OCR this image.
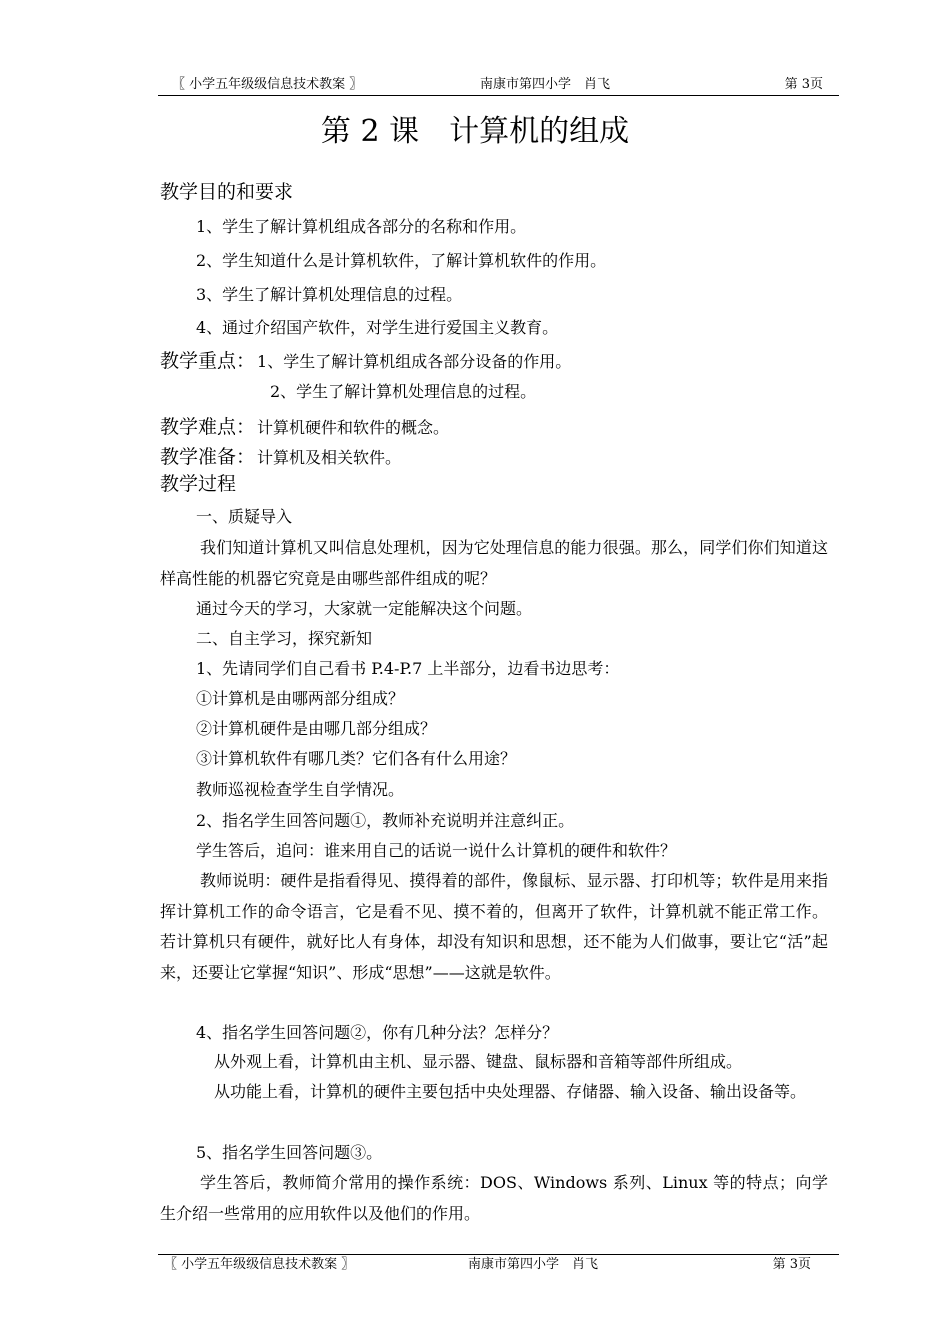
〖 小学五年级级信息技术教案 〗	南康市第四小学　肖飞	第 3页
第 2 课　计算机的组成
教学目的和要求
1、学生了解计算机组成各部分的名称和作用。
2、学生知道什么是计算机软件，了解计算机软件的作用。
3、学生了解计算机处理信息的过程。
4、通过介绍国产软件，对学生进行爱国主义教育。
教学重点： 1、学生了解计算机组成各部分设备的作用。
2、学生了解计算机处理信息的过程。
教学难点： 计算机硬件和软件的概念。
教学准备： 计算机及相关软件。
教学过程
一、质疑导入
我们知道计算机又叫信息处理机，因为它处理信息的能力很强。那么，同学们你们知道这样高性能的机器它究竟是由哪些部件组成的呢？
通过今天的学习，大家就一定能解决这个问题。
二、自主学习，探究新知
1、先请同学们自己看书 P.4-P.7 上半部分，边看书边思考：
①计算机是由哪两部分组成？
②计算机硬件是由哪几部分组成？
③计算机软件有哪几类？它们各有什么用途？
教师巡视检查学生自学情况。
2、指名学生回答问题①，教师补充说明并注意纠正。
学生答后，追问：谁来用自己的话说一说什么计算机的硬件和软件？
教师说明：硬件是指看得见、摸得着的部件，像鼠标、显示器、打印机等；软件是用来指挥计算机工作的命令语言，它是看不见、摸不着的，但离开了软件，计算机就不能正常工作。若计算机只有硬件，就好比人有身体，却没有知识和思想，还不能为人们做事，要让它“活”起来，还要让它掌握“知识”、形成“思想”——这就是软件。
4、指名学生回答问题②，你有几种分法？怎样分？
从外观上看，计算机由主机、显示器、键盘、鼠标器和音箱等部件所组成。
从功能上看，计算机的硬件主要包括中央处理器、存储器、输入设备、输出设备等。
5、指名学生回答问题③。
学生答后，教师简介常用的操作系统：DOS、Windows 系列、Linux 等的特点；向学生介绍一些常用的应用软件以及他们的作用。
〖 小学五年级级信息技术教案 〗	南康市第四小学　肖飞	第 3页
